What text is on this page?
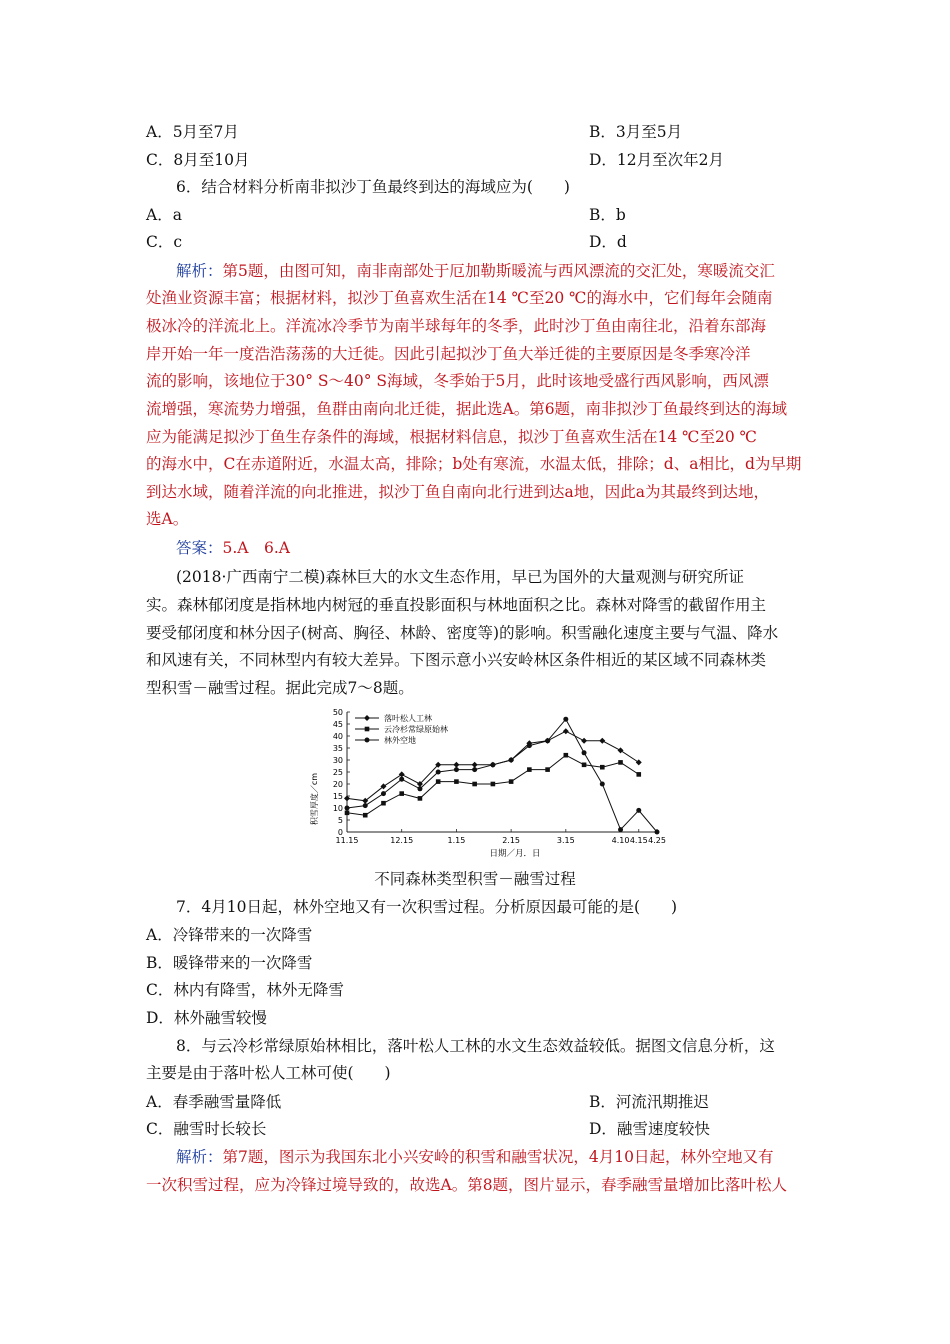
A．5月至7月	B．3月至5月
C．8月至10月	D．12月至次年2月
6．结合材料分析南非拟沙丁鱼最终到达的海域应为(　　)
A．a	B．b
C．c	D．d
解析：第5题，由图可知，南非南部处于厄加勒斯暖流与西风漂流的交汇处，寒暖流交汇
处渔业资源丰富；根据材料，拟沙丁鱼喜欢生活在14 ℃至20 ℃的海水中，它们每年会随南
极冰冷的洋流北上。洋流冰冷季节为南半球每年的冬季，此时沙丁鱼由南往北，沿着东部海
岸开始一年一度浩浩荡荡的大迁徙。因此引起拟沙丁鱼大举迁徙的主要原因是冬季寒冷洋
流的影响，该地位于30° S～40° S海域，冬季始于5月，此时该地受盛行西风影响，西风漂
流增强，寒流势力增强，鱼群由南向北迁徙，据此选A。第6题，南非拟沙丁鱼最终到达的海域
应为能满足拟沙丁鱼生存条件的海域，根据材料信息，拟沙丁鱼喜欢生活在14 ℃至20 ℃
的海水中，C在赤道附近，水温太高，排除；b处有寒流，水温太低，排除；d、a相比，d为早期
到达水域，随着洋流的向北推进，拟沙丁鱼自南向北行进到达a地，因此a为其最终到达地，
选A。
答案：5.A　6.A
(2018·广西南宁二模)森林巨大的水文生态作用，早已为国外的大量观测与研究所证
实。森林郁闭度是指林地内树冠的垂直投影面积与林地面积之比。森林对降雪的截留作用主
要受郁闭度和林分因子(树高、胸径、林龄、密度等)的影响。积雪融化速度主要与气温、降水
和风速有关，不同林型内有较大差异。下图示意小兴安岭林区条件相近的某区域不同森林类
型积雪－融雪过程。据此完成7～8题。
0
5
10
15
20
25
30
35
40
45
50
11.15	12.15	1.15	2.15	3.15	4.10 4.15 4.25
落叶松人工林
云冷杉常绿原始林
林外空地
积雪厚度／cm
日期／月．日
不同森林类型积雪－融雪过程
7．4月10日起，林外空地又有一次积雪过程。分析原因最可能的是(　　)
A．冷锋带来的一次降雪
B．暖锋带来的一次降雪
C．林内有降雪，林外无降雪
D．林外融雪较慢
8．与云冷杉常绿原始林相比，落叶松人工林的水文生态效益较低。据图文信息分析，这
主要是由于落叶松人工林可使(　　)
A．春季融雪量降低	B．河流汛期推迟
C．融雪时长较长	D．融雪速度较快
解析：第7题，图示为我国东北小兴安岭的积雪和融雪状况，4月10日起，林外空地又有
一次积雪过程，应为冷锋过境导致的，故选A。第8题，图片显示，春季融雪量增加比落叶松人
